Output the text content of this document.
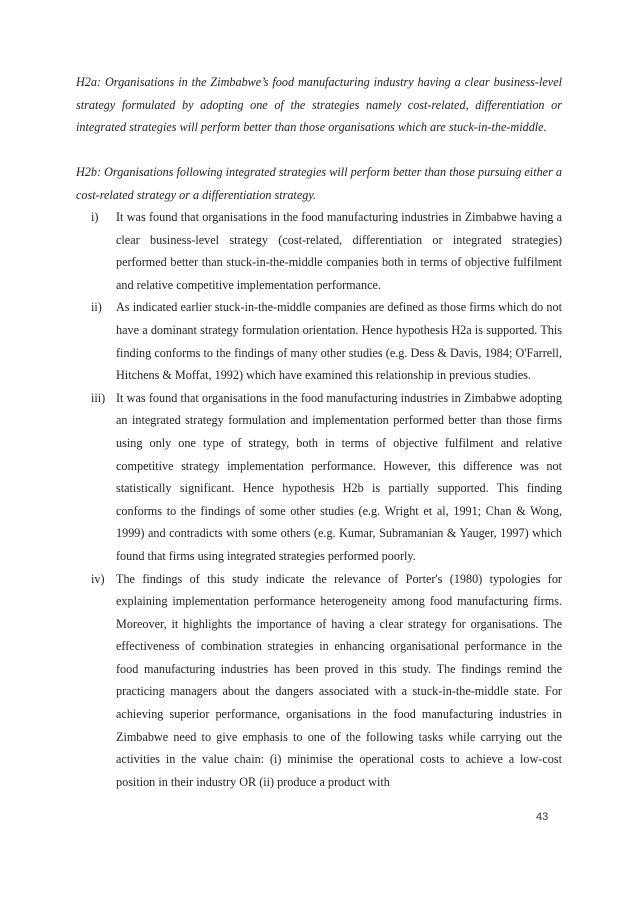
H2a: Organisations in the Zimbabwe’s food manufacturing industry having a clear business-level strategy formulated by adopting one of the strategies namely cost-related, differentiation or integrated strategies will perform better than those organisations which are stuck-in-the-middle.

H2b: Organisations following integrated strategies will perform better than those pursuing either a cost-related strategy or a differentiation strategy.

i) It was found that organisations in the food manufacturing industries in Zimbabwe having a clear business-level strategy (cost-related, differentiation or integrated strategies) performed better than stuck-in-the-middle companies both in terms of objective fulfilment and relative competitive implementation performance.
ii) As indicated earlier stuck-in-the-middle companies are defined as those firms which do not have a dominant strategy formulation orientation. Hence hypothesis H2a is supported. This finding conforms to the findings of many other studies (e.g. Dess & Davis, 1984; O'Farrell, Hitchens & Moffat, 1992) which have examined this relationship in previous studies.
iii) It was found that organisations in the food manufacturing industries in Zimbabwe adopting an integrated strategy formulation and implementation performed better than those firms using only one type of strategy, both in terms of objective fulfilment and relative competitive strategy implementation performance. However, this difference was not statistically significant. Hence hypothesis H2b is partially supported. This finding conforms to the findings of some other studies (e.g. Wright et al, 1991; Chan & Wong, 1999) and contradicts with some others (e.g. Kumar, Subramanian & Yauger, 1997) which found that firms using integrated strategies performed poorly.
iv) The findings of this study indicate the relevance of Porter's (1980) typologies for explaining implementation performance heterogeneity among food manufacturing firms. Moreover, it highlights the importance of having a clear strategy for organisations. The effectiveness of combination strategies in enhancing organisational performance in the food manufacturing industries has been proved in this study. The findings remind the practicing managers about the dangers associated with a stuck-in-the-middle state. For achieving superior performance, organisations in the food manufacturing industries in Zimbabwe need to give emphasis to one of the following tasks while carrying out the activities in the value chain: (i) minimise the operational costs to achieve a low-cost position in their industry OR (ii) produce a product with
43
